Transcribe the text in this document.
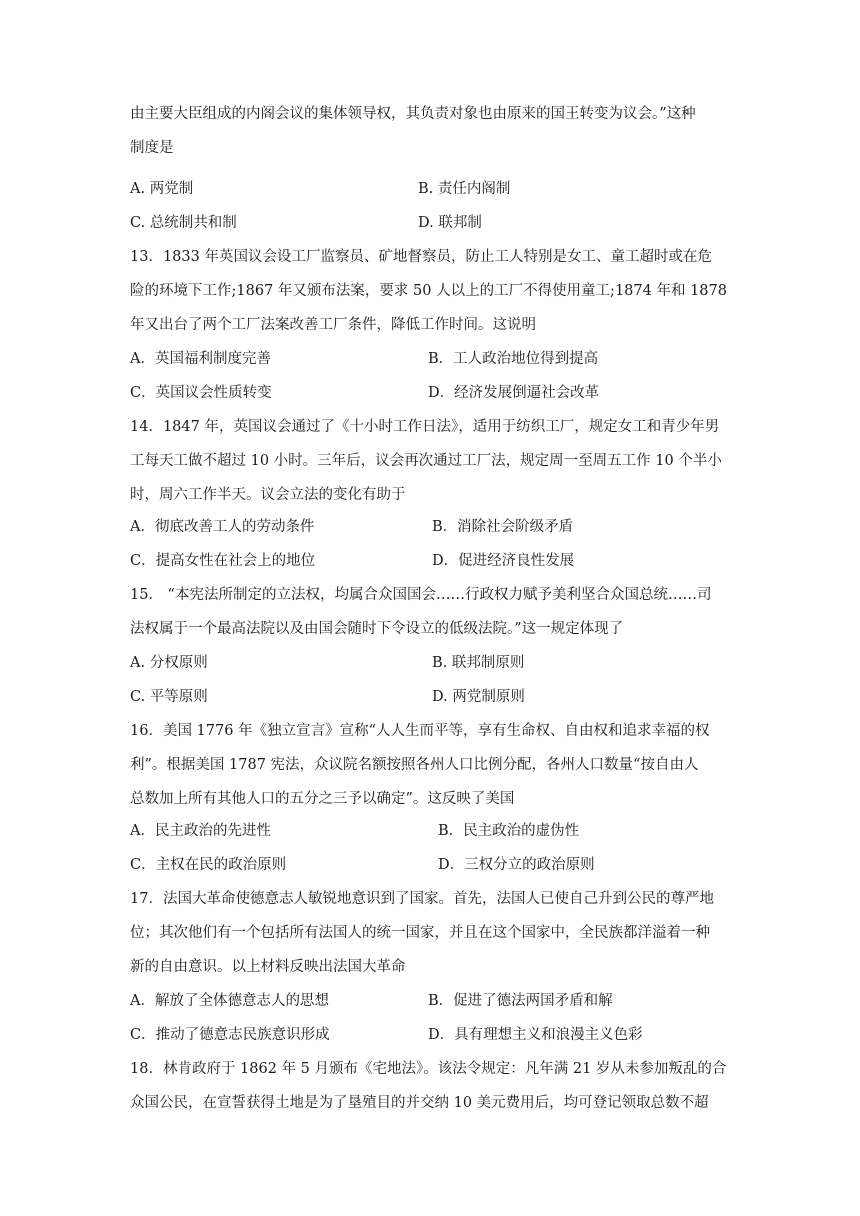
由主要大臣组成的内阁会议的集体领导权，其负责对象也由原来的国王转变为议会。”这种
制度是
A. 两党制	B. 责任内阁制
C. 总统制共和制	D. 联邦制
13．1833 年英国议会设工厂监察员、矿地督察员，防止工人特别是女工、童工超时或在危
险的环境下工作;1867 年又颁布法案，要求 50 人以上的工厂不得使用童工;1874 年和 1878
年又出台了两个工厂法案改善工厂条件，降低工作时间。这说明
A．英国福利制度完善	B．工人政治地位得到提高
C．英国议会性质转变	D．经济发展倒逼社会改革
14．1847 年，英国议会通过了《十小时工作日法》，适用于纺织工厂，规定女工和青少年男
工每天工做不超过 10 小时。三年后，议会再次通过工厂法，规定周一至周五工作 10 个半小
时，周六工作半天。议会立法的变化有助于
A．彻底改善工人的劳动条件	B．消除社会阶级矛盾
C．提高女性在社会上的地位	D．促进经济良性发展
15． “本宪法所制定的立法权，均属合众国国会……行政权力赋予美利坚合众国总统……司
法权属于一个最高法院以及由国会随时下令设立的低级法院。”这一规定体现了
A. 分权原则	B. 联邦制原则
C. 平等原则	D. 两党制原则
16．美国 1776 年《独立宣言》宣称“人人生而平等，享有生命权、自由权和追求幸福的权
利”。根据美国 1787 宪法，众议院名额按照各州人口比例分配，各州人口数量“按自由人
总数加上所有其他人口的五分之三予以确定”。这反映了美国
A．民主政治的先进性	B．民主政治的虚伪性
C．主权在民的政治原则	D．三权分立的政治原则
17．法国大革命使德意志人敏锐地意识到了国家。首先，法国人已使自己升到公民的尊严地
位；其次他们有一个包括所有法国人的统一国家，并且在这个国家中，全民族都洋溢着一种
新的自由意识。以上材料反映出法国大革命
A．解放了全体德意志人的思想	B．促进了德法两国矛盾和解
C．推动了德意志民族意识形成	D．具有理想主义和浪漫主义色彩
18．林肯政府于 1862 年 5 月颁布《宅地法》。该法令规定：凡年满 21 岁从未参加叛乱的合
众国公民，在宣誓获得土地是为了垦殖目的并交纳 10 美元费用后，均可登记领取总数不超
